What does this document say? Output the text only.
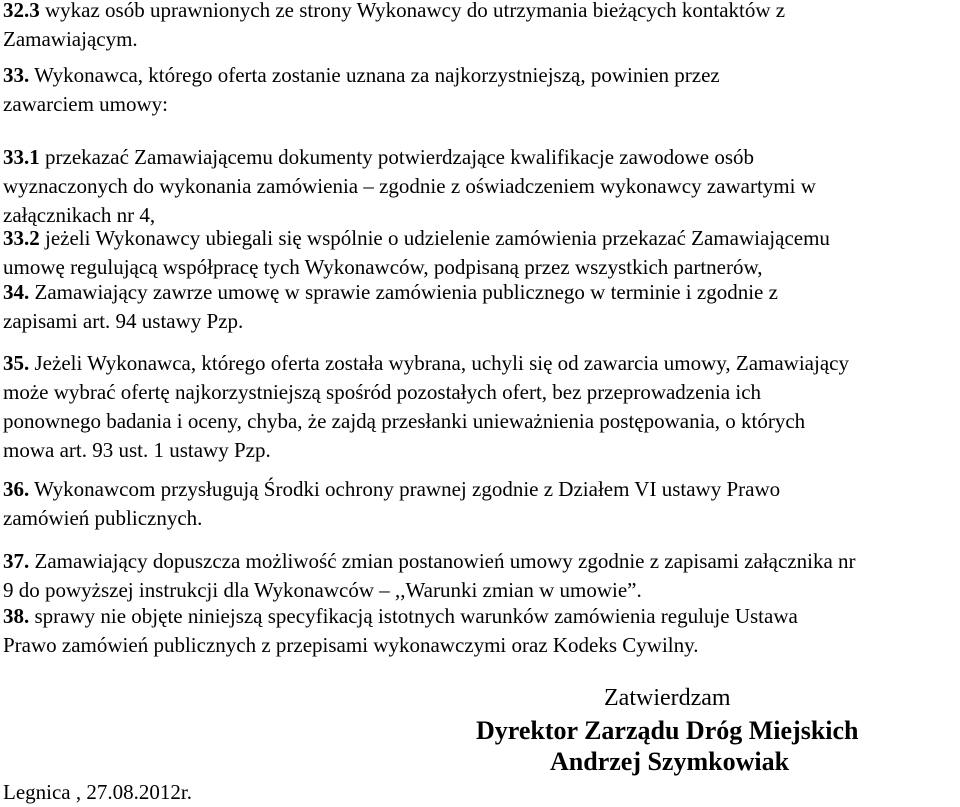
32.3 wykaz osób uprawnionych ze strony Wykonawcy do utrzymania bieżących kontaktów z
Zamawiającym.
33. Wykonawca, którego oferta zostanie uznana za najkorzystniejszą, powinien przez
zawarciem umowy:
33.1 przekazać Zamawiającemu dokumenty potwierdzające kwalifikacje zawodowe osób
wyznaczonych do wykonania zamówienia – zgodnie z oświadczeniem wykonawcy zawartymi w
załącznikach nr 4,
33.2 jeżeli Wykonawcy ubiegali się wspólnie o udzielenie zamówienia przekazać Zamawiającemu
umowę regulującą współpracę tych Wykonawców, podpisaną przez wszystkich partnerów,
34. Zamawiający zawrze umowę w sprawie zamówienia publicznego w terminie i zgodnie z
zapisami art. 94 ustawy Pzp.
35. Jeżeli Wykonawca, którego oferta została wybrana, uchyli się od zawarcia umowy, Zamawiający
może wybrać ofertę najkorzystniejszą spośród pozostałych ofert, bez przeprowadzenia ich
ponownego badania i oceny, chyba, że zajdą przesłanki unieważnienia postępowania, o których
mowa art. 93 ust. 1 ustawy Pzp.
36. Wykonawcom przysługują Środki ochrony prawnej zgodnie z Działem VI ustawy Prawo
zamówień publicznych.
37. Zamawiający dopuszcza możliwość zmian postanowień umowy zgodnie z zapisami załącznika nr
9 do powyższej instrukcji dla Wykonawców – ,,Warunki zmian w umowie”.
38. sprawy nie objęte niniejszą specyfikacją istotnych warunków zamówienia reguluje Ustawa
Prawo zamówień publicznych z przepisami wykonawczymi oraz Kodeks Cywilny.
Zatwierdzam
Dyrektor Zarządu Dróg Miejskich
Andrzej Szymkowiak
Legnica , 27.08.2012r.
